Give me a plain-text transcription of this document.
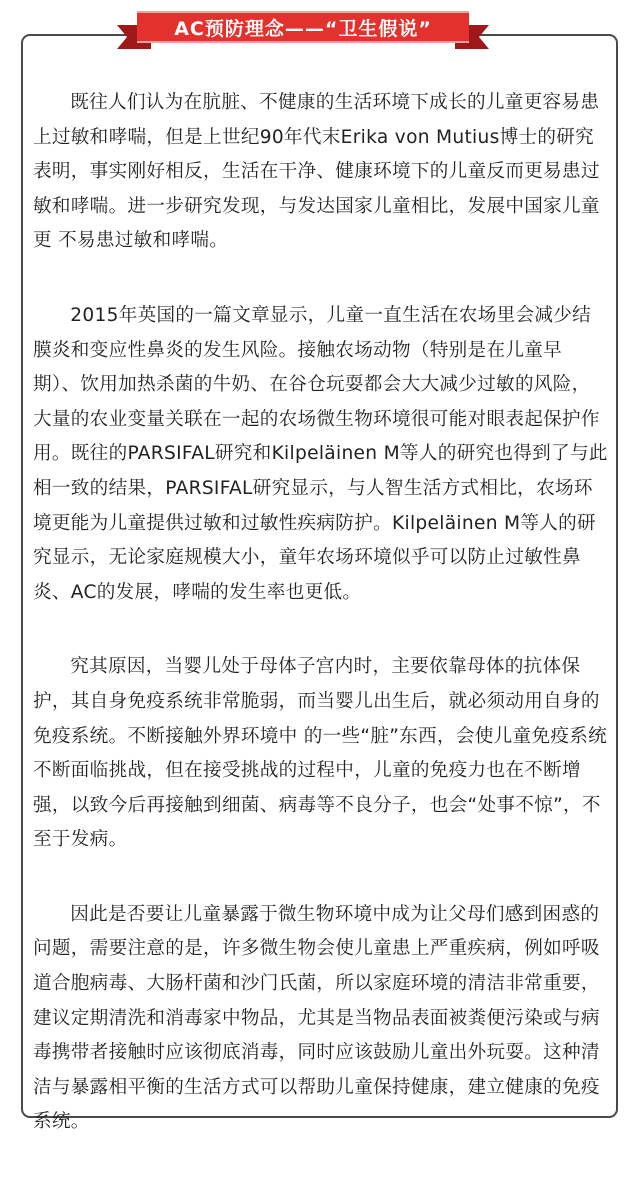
AC预防理念——“卫生假说”

既往人们认为在肮脏、不健康的生活环境下成长的儿童更容易患上过敏和哮喘，但是上世纪90年代末Erika von Mutius博士的研究表明，事实刚好相反，生活在干净、健康环境下的儿童反而更易患过敏和哮喘。进一步研究发现，与发达国家儿童相比，发展中国家儿童更 不易患过敏和哮喘。

2015年英国的一篇文章显示，儿童一直生活在农场里会减少结膜炎和变应性鼻炎的发生风险。接触农场动物（特别是在儿童早期）、饮用加热杀菌的牛奶、在谷仓玩耍都会大大减少过敏的风险，大量的农业变量关联在一起的农场微生物环境很可能对眼表起保护作用。既往的PARSIFAL研究和Kilpeläinen M等人的研究也得到了与此相一致的结果，PARSIFAL研究显示，与人智生活方式相比，农场环境更能为儿童提供过敏和过敏性疾病防护。Kilpeläinen M等人的研究显示，无论家庭规模大小，童年农场环境似乎可以防止过敏性鼻炎、AC的发展，哮喘的发生率也更低。

究其原因，当婴儿处于母体子宫内时，主要依靠母体的抗体保护，其自身免疫系统非常脆弱，而当婴儿出生后，就必须动用自身的免疫系统。不断接触外界环境中 的一些“脏”东西，会使儿童免疫系统不断面临挑战，但在接受挑战的过程中，儿童的免疫力也在不断增强，以致今后再接触到细菌、病毒等不良分子，也会“处事不惊”，不至于发病。

因此是否要让儿童暴露于微生物环境中成为让父母们感到困惑的问题，需要注意的是，许多微生物会使儿童患上严重疾病，例如呼吸道合胞病毒、大肠杆菌和沙门氏菌，所以家庭环境的清洁非常重要，建议定期清洗和消毒家中物品，尤其是当物品表面被粪便污染或与病毒携带者接触时应该彻底消毒，同时应该鼓励儿童出外玩耍。这种清洁与暴露相平衡的生活方式可以帮助儿童保持健康，建立健康的免疫系统。
